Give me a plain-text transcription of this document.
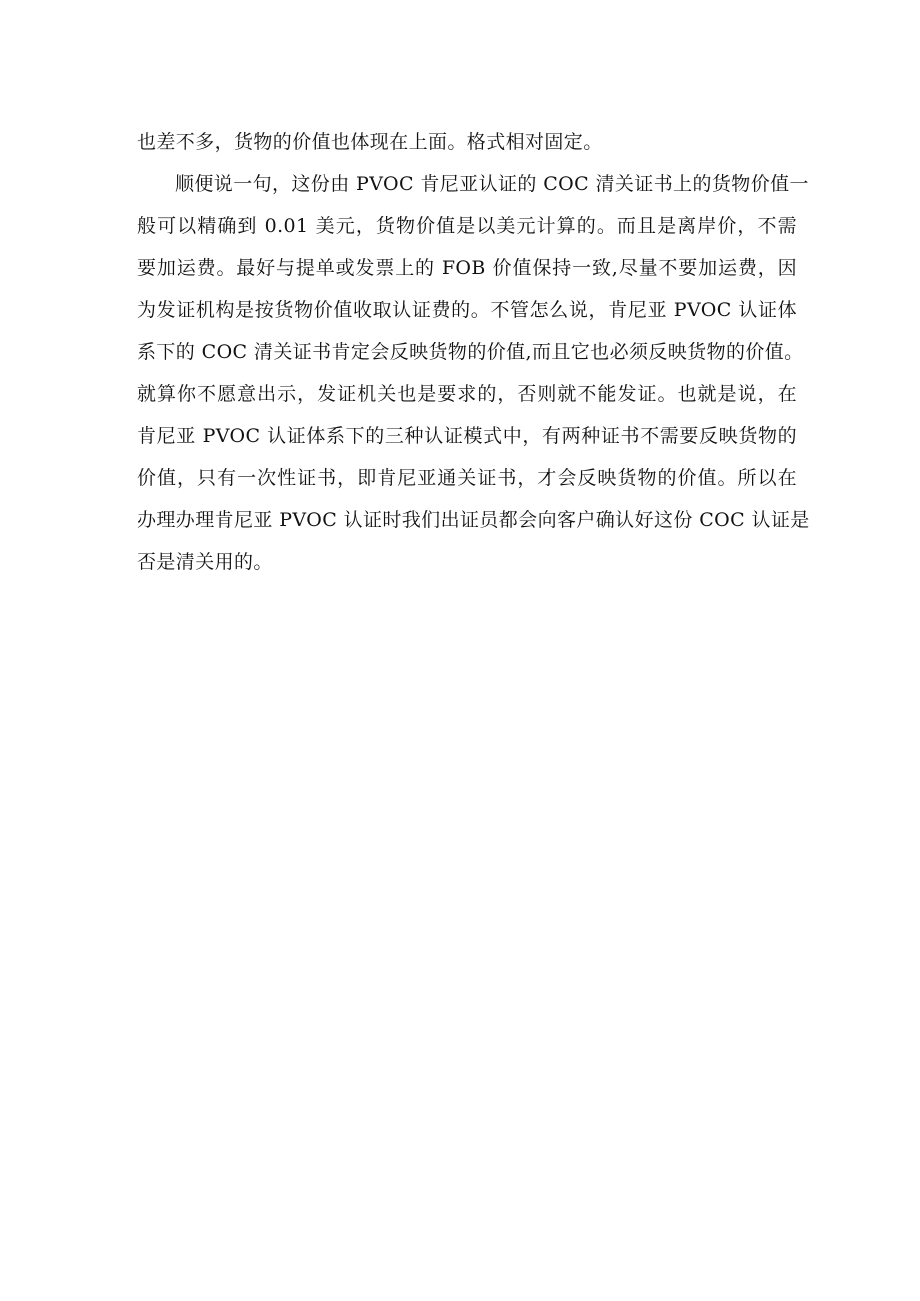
也差不多，货物的价值也体现在上面。格式相对固定。
顺便说一句，这份由 PVOC 肯尼亚认证的 COC 清关证书上的货物价值一
般可以精确到 0.01 美元，货物价值是以美元计算的。而且是离岸价，不需
要加运费。最好与提单或发票上的 FOB 价值保持一致,尽量不要加运费，因
为发证机构是按货物价值收取认证费的。不管怎么说，肯尼亚 PVOC 认证体
系下的 COC 清关证书肯定会反映货物的价值,而且它也必须反映货物的价值。
就算你不愿意出示，发证机关也是要求的，否则就不能发证。也就是说，在
肯尼亚 PVOC 认证体系下的三种认证模式中，有两种证书不需要反映货物的
价值，只有一次性证书，即肯尼亚通关证书，才会反映货物的价值。所以在
办理办理肯尼亚 PVOC 认证时我们出证员都会向客户确认好这份 COC 认证是
否是清关用的。
